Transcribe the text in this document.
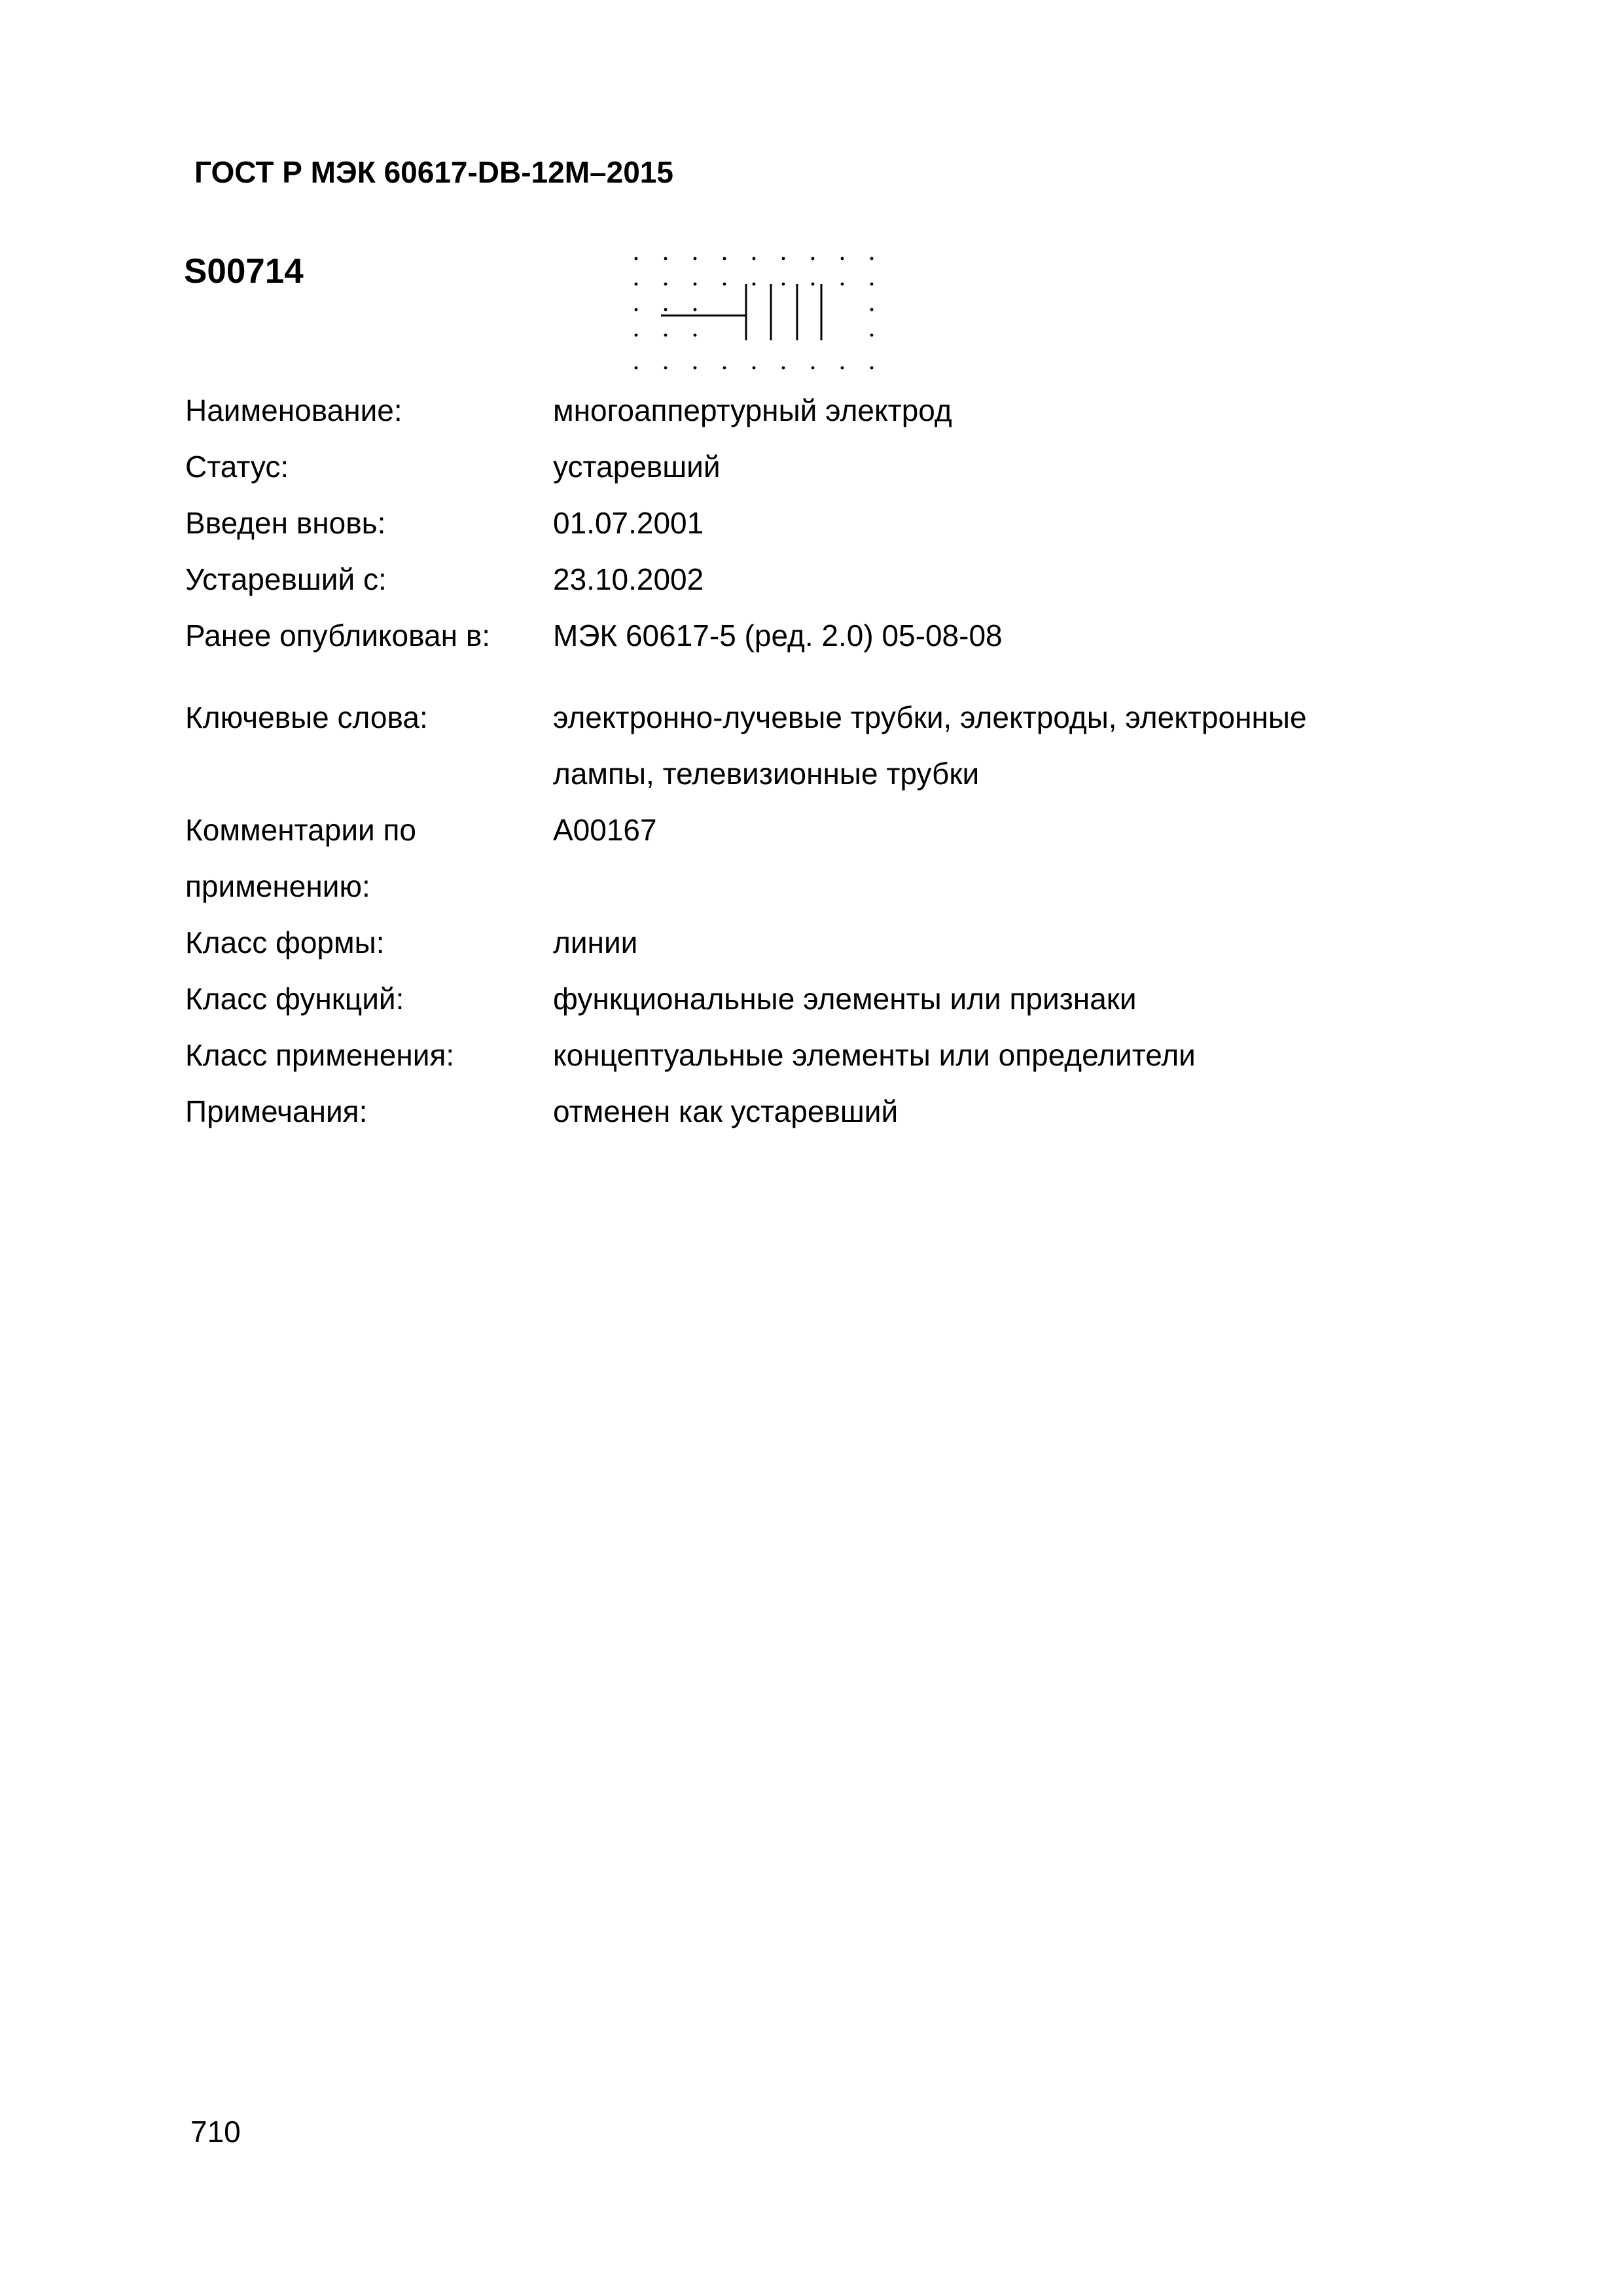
ГОСТ Р МЭК 60617-DB-12M–2015
S00714
Наименование:	многоаппертурный электрод
Статус:	устаревший
Введен вновь:	01.07.2001
Устаревший с:	23.10.2002
Ранее опубликован в:	МЭК 60617-5 (ред. 2.0) 05-08-08
Ключевые слова:	электронно-лучевые трубки, электроды, электронные
лампы, телевизионные трубки
Комментарии по
применению:
A00167
Класс формы:	линии
Класс функций:	функциональные элементы или признаки
Класс применения:	концептуальные элементы или определители
Примечания:	отменен как устаревший
710
